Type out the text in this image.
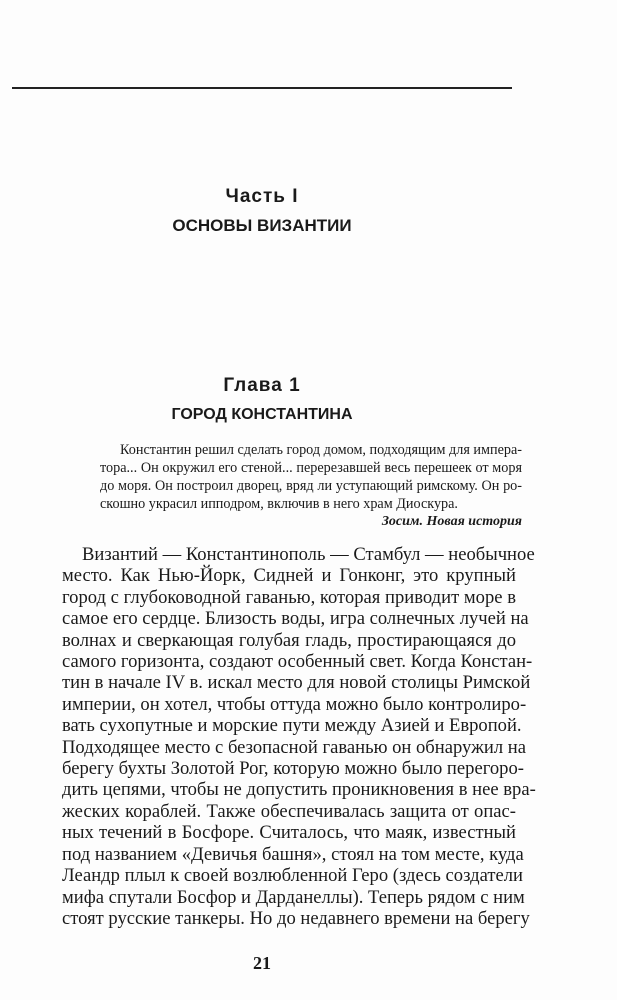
Часть I
ОСНОВЫ ВИЗАНТИИ
Глава 1
ГОРОД КОНСТАНТИНА
Константин решил сделать город домом, подходящим для импера-
тора... Он окружил его стеной... перерезавшей весь перешеек от моря
до моря. Он построил дворец, вряд ли уступающий римскому. Он ро-
скошно украсил ипподром, включив в него храм Диоскура.
Зосим. Новая история
Византий — Константинополь — Стамбул — необычное
место. Как Нью-Йорк, Сидней и Гонконг, это крупный
город с глубоководной гаванью, которая приводит море в
самое его сердце. Близость воды, игра солнечных лучей на
волнах и сверкающая голубая гладь, простирающаяся до
самого горизонта, создают особенный свет. Когда Констан-
тин в начале IV в. искал место для новой столицы Римской
империи, он хотел, чтобы оттуда можно было контролиро-
вать сухопутные и морские пути между Азией и Европой.
Подходящее место с безопасной гаванью он обнаружил на
берегу бухты Золотой Рог, которую можно было перегоро-
дить цепями, чтобы не допустить проникновения в нее вра-
жеских кораблей. Также обеспечивалась защита от опас-
ных течений в Босфоре. Считалось, что маяк, известный
под названием «Девичья башня», стоял на том месте, куда
Леандр плыл к своей возлюбленной Геро (здесь создатели
мифа спутали Босфор и Дарданеллы). Теперь рядом с ним
стоят русские танкеры. Но до недавнего времени на берегу
21
